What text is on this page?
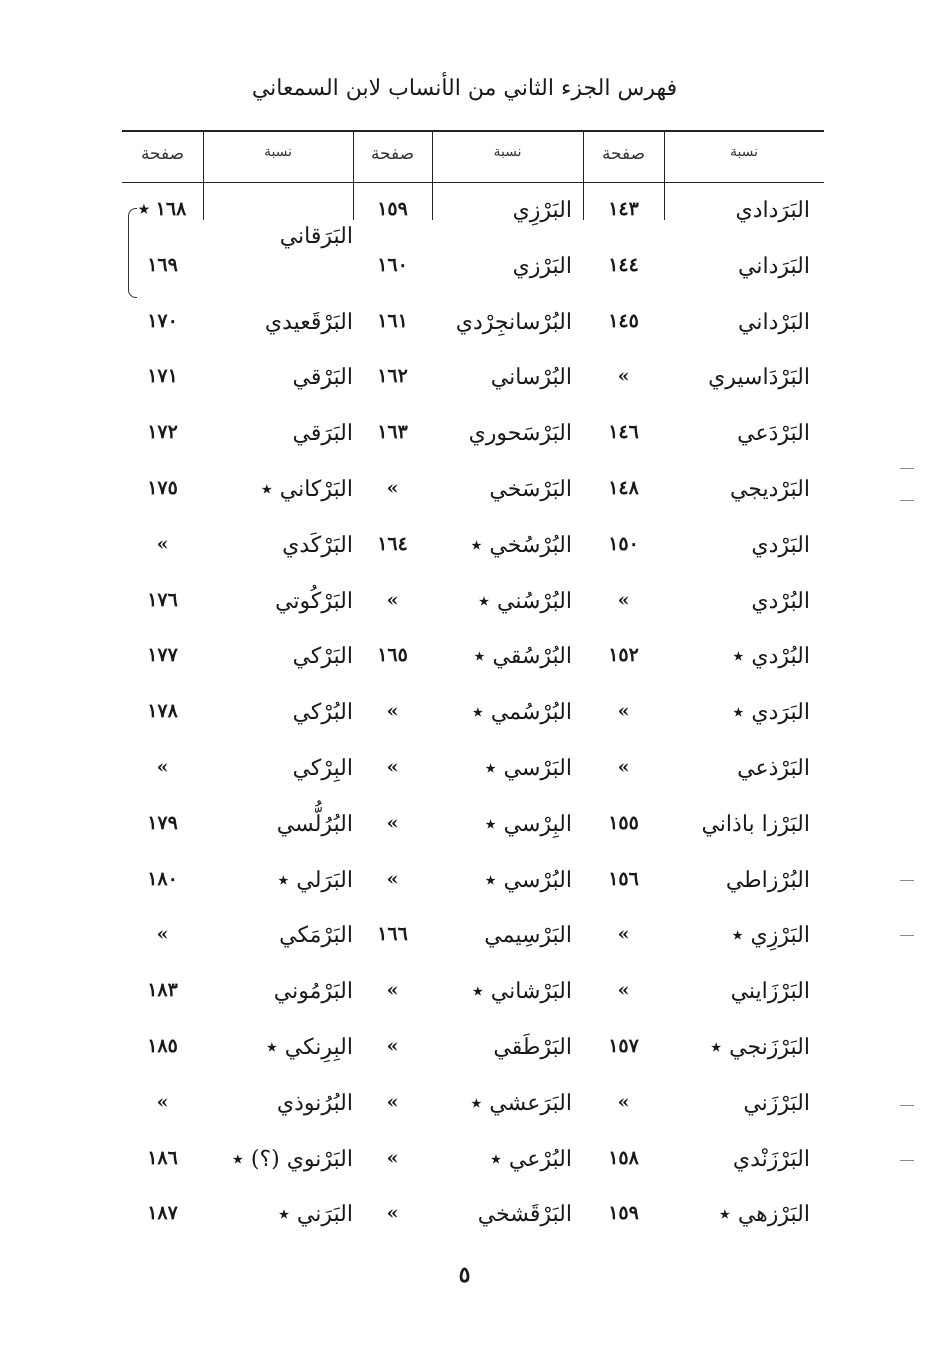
فهرس الجزء الثاني من الأنساب لابن السمعاني
نسبة
صفحة
نسبة
صفحة
نسبة
صفحة
البَرَدادي
١٤٣
البَرْزِي
١٥٩
البَرَقاني
١٦٨ ٭
البَرَداني
١٤٤
البَرْزي
١٦٠
١٦٩
البَرْداني
١٤٥
البُرْسانجِرْدي
١٦١
البَرْقَعيدي
١٧٠
البَرْدَاسيري
»
البُرْساني
١٦٢
البَرْقي
١٧١
البَرْدَعي
١٤٦
البَرْسَحوري
١٦٣
البَرَقي
١٧٢
البَرْديجي
١٤٨
البَرْسَخي
»
البَرْكاني ٭
١٧٥
البَرْدي
١٥٠
البُرْسُخي ٭
١٦٤
البَرْكَدي
»
البُرْدي
»
البُرْسُني ٭
»
البَرْكُوتي
١٧٦
البُرْدي ٭
١٥٢
البُرْسُقي ٭
١٦٥
البَرْكي
١٧٧
البَرَدي ٭
»
البُرْسُمي ٭
»
البُرْكي
١٧٨
البَرْذعي
»
البَرْسي ٭
»
البِرْكي
»
البَرْزا باذاني
١٥٥
البِرْسي ٭
»
البُرُلُّسي
١٧٩
البُرْزاطي
١٥٦
البُرْسي ٭
»
البَرَلي ٭
١٨٠
البَرْزِي ٭
»
البَرْسِيمي
١٦٦
البَرْمَكي
»
البَرْزَايني
»
البَرْشاني ٭
»
البَرْمُوني
١٨٣
البَرْزَنجي ٭
١٥٧
البَرْطَقي
»
البِرِنكي ٭
١٨٥
البَرْزَني
»
البَرَعشي ٭
»
البُرُنوذي
»
البَرْزَنْدي
١٥٨
البُرْعي ٭
»
البَرْنوي (؟) ٭
١٨٦
البَرْزهي ٭
١٥٩
البَرْقَشخي
»
البَرَني ٭
١٨٧
٥
